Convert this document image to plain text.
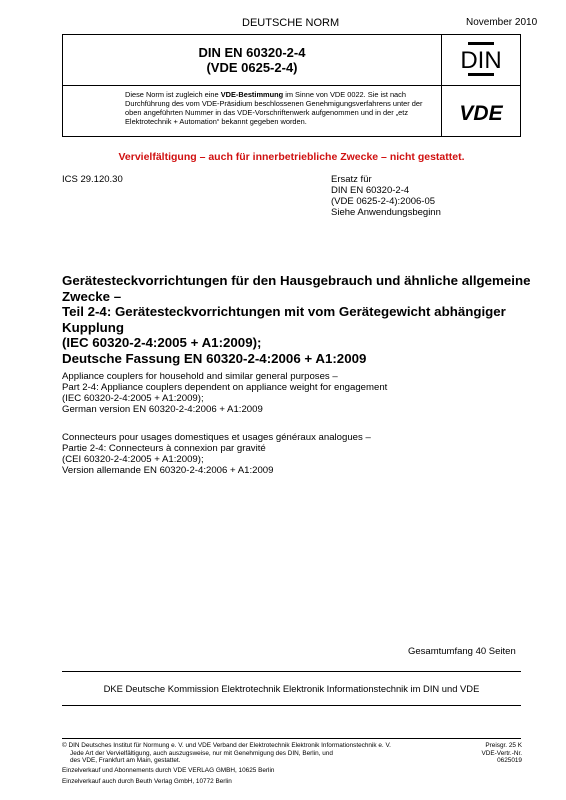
DEUTSCHE NORM	November 2010
DIN EN 60320-2-4
(VDE 0625-2-4)	DIN
Diese Norm ist zugleich eine VDE-Bestimmung im Sinne von VDE 0022. Sie ist nach Durchführung des vom VDE-Präsidium beschlossenen Genehmigungsverfahrens unter der oben angeführten Nummer in das VDE-Vorschriftenwerk aufgenommen und in der „etz Elektrotechnik + Automation“ bekannt gegeben worden.	VDE
Vervielfältigung – auch für innerbetriebliche Zwecke – nicht gestattet.
ICS 29.120.30	Ersatz für
DIN EN 60320-2-4
(VDE 0625-2-4):2006-05
Siehe Anwendungsbeginn
Gerätesteckvorrichtungen für den Hausgebrauch und ähnliche allgemeine
Zwecke –
Teil 2-4: Gerätesteckvorrichtungen mit vom Gerätegewicht abhängiger
Kupplung
(IEC 60320-2-4:2005 + A1:2009);
Deutsche Fassung EN 60320-2-4:2006 + A1:2009
Appliance couplers for household and similar general purposes –
Part 2-4: Appliance couplers dependent on appliance weight for engagement
(IEC 60320-2-4:2005 + A1:2009);
German version EN 60320-2-4:2006 + A1:2009
Connecteurs pour usages domestiques et usages généraux analogues –
Partie 2-4: Connecteurs à connexion par gravité
(CEI 60320-2-4:2005 + A1:2009);
Version allemande EN 60320-2-4:2006 + A1:2009
Gesamtumfang 40 Seiten
DKE Deutsche Kommission Elektrotechnik Elektronik Informationstechnik im DIN und VDE
© DIN Deutsches Institut für Normung e. V. und VDE Verband der Elektrotechnik Elektronik Informationstechnik e. V.
Jede Art der Vervielfältigung, auch auszugsweise, nur mit Genehmigung des DIN, Berlin, und
des VDE, Frankfurt am Main, gestattet.
Preisgr. 25 K
VDE-Vertr.-Nr. 0625019
Einzelverkauf und Abonnements durch VDE VERLAG GMBH, 10625 Berlin
Einzelverkauf auch durch Beuth Verlag GmbH, 10772 Berlin
